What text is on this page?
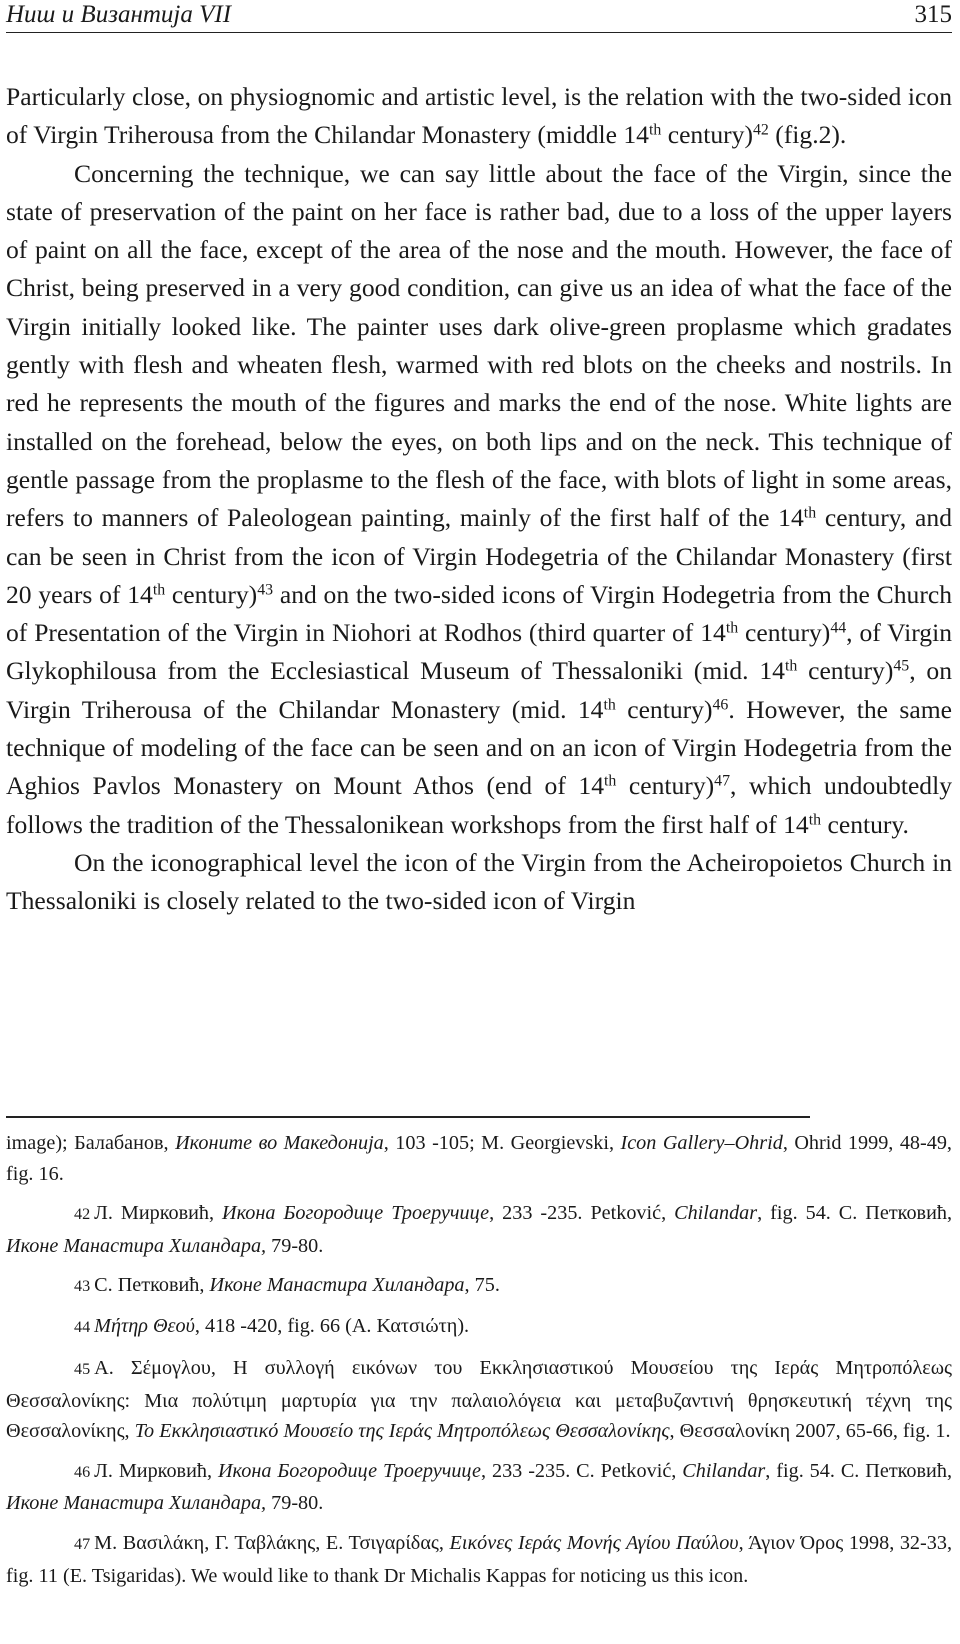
Ниш и Византија VII	315

Particularly close, on physiognomic and artistic level, is the relation with the two-sided icon of Virgin Triherousa from the Chilandar Monastery (middle 14th century)$^{42}$ (fig.2).

Concerning the technique, we can say little about the face of the Virgin, since the state of preservation of the paint on her face is rather bad, due to a loss of the upper layers of paint on all the face, except of the area of the nose and the mouth. However, the face of Christ, being preserved in a very good condition, can give us an idea of what the face of the Virgin initially looked like. The painter uses dark olive-green proplasme which gradates gently with flesh and wheaten flesh, warmed with red blots on the cheeks and nostrils. In red he represents the mouth of the figures and marks the end of the nose. White lights are installed on the forehead, below the eyes, on both lips and on the neck. This technique of gentle passage from the proplasme to the flesh of the face, with blots of light in some areas, refers to manners of Paleologean painting, mainly of the first half of the 14th century, and can be seen in Christ from the icon of Virgin Hodegetria of the Chilandar Monastery (first 20 years of 14th century)$^{43}$ and on the two-sided icons of Virgin Hodegetria from the Church of Presentation of the Virgin in Niohori at Rodhos (third quarter of 14th century)$^{44}$, of Virgin Glykophilousa from the Ecclesiastical Museum of Thessaloniki (mid. 14th century)$^{45}$, on Virgin Triherousa of the Chilandar Monastery (mid. 14th century)$^{46}$. However, the same technique of modeling of the face can be seen and on an icon of Virgin Hodegetria from the Aghios Pavlos Monastery on Mount Athos (end of 14th century)$^{47}$, which undoubtedly follows the tradition of the Thessalonikean workshops from the first half of 14th century.

On the iconographical level the icon of the Virgin from the Acheiropoietos Church in Thessaloniki is closely related to the two-sided icon of Virgin

image); Балабанов, Иконите во Македонија, 103 -105; M. Georgievski, Icon Gallery–Ohrid, Ohrid 1999, 48-49, fig. 16.

42 Л. Мирковић, Икона Богородице Троеручице, 233 -235. Petković, Chilandar, fig. 54. С. Петковић, Иконе Манастира Хиландара, 79-80.

43 С. Петковић, Иконе Манастира Хиландара, 75.

44 Μήτηρ Θεού, 418 -420, fig. 66 (Α. Κατσιώτη).

45 Α. Σέμογλου, Η συλλογή εικόνων του Εκκλησιαστικού Μουσείου της Ιεράς Μητροπόλεως Θεσσαλονίκης: Μια πολύτιμη μαρτυρία για την παλαιολόγεια και μεταβυζαντινή θρησκευτική τέχνη της Θεσσαλονίκης, Το Εκκλησιαστικό Μουσείο της Ιεράς Μητροπόλεως Θεσσαλονίκης, Θεσσαλονίκη 2007, 65-66, fig. 1.

46 Л. Мирковић, Икона Богородице Троеручице, 233 -235. С. Petković, Chilandar, fig. 54. С. Петковић, Иконе Манастира Хиландара, 79-80.

47 Μ. Βασιλάκη, Γ. Ταβλάκης, Ε. Τσιγαρίδας, Εικόνες Ιεράς Μονής Αγίου Παύλου, Άγιον Όρος 1998, 32-33, fig. 11 (E. Tsigaridas). We would like to thank Dr Michalis Kappas for noticing us this icon.
